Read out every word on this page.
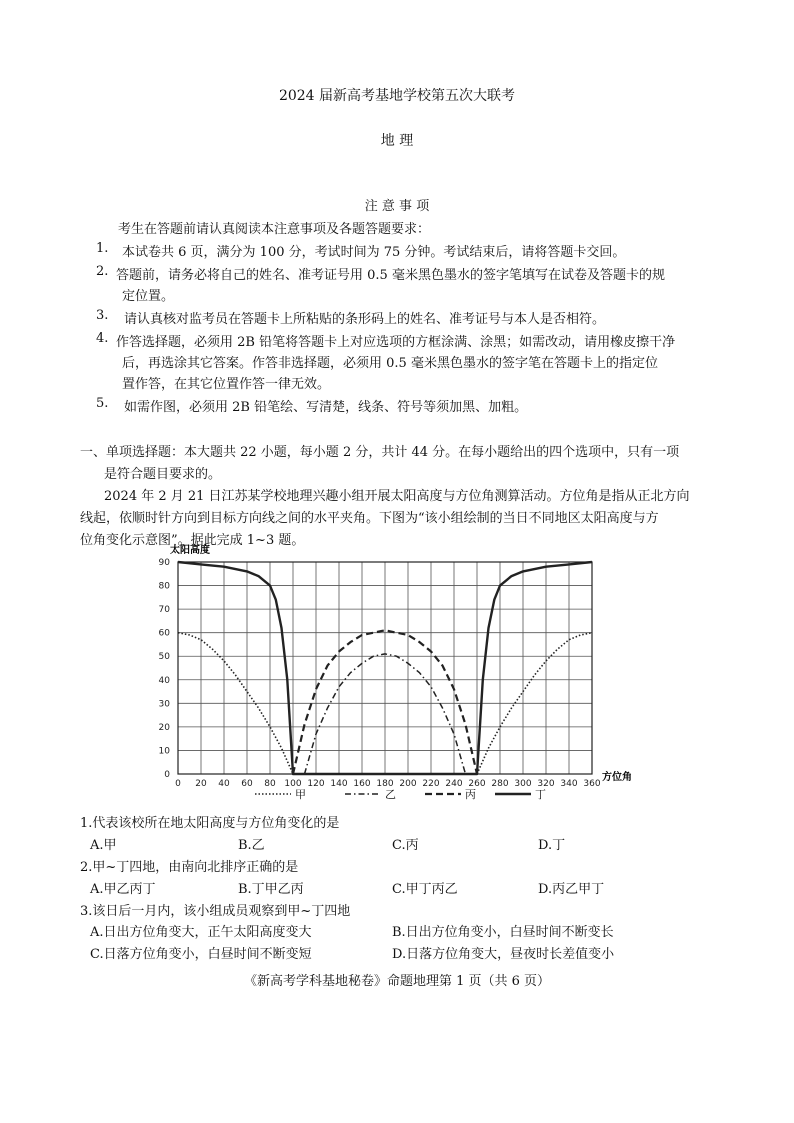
2024 届新高考基地学校第五次大联考
地 理
注 意 事 项
考生在答题前请认真阅读本注意事项及各题答题要求：
1. 本试卷共 6 页，满分为 100 分，考试时间为 75 分钟。考试结束后，请将答题卡交回。
2. 答题前，请务必将自己的姓名、准考证号用 0.5 毫米黑色墨水的签字笔填写在试卷及答题卡的规
定位置。
3. 请认真核对监考员在答题卡上所粘贴的条形码上的姓名、准考证号与本人是否相符。
4. 作答选择题，必须用 2B 铅笔将答题卡上对应选项的方框涂满、涂黑；如需改动，请用橡皮擦干净
后，再选涂其它答案。作答非选择题，必须用 0.5 毫米黑色墨水的签字笔在答题卡上的指定位
置作答，在其它位置作答一律无效。
5. 如需作图，必须用 2B 铅笔绘、写清楚，线条、符号等须加黑、加粗。
一、单项选择题：本大题共 22 小题，每小题 2 分，共计 44 分。在每小题给出的四个选项中，只有一项
是符合题目要求的。
2024 年 2 月 21 日江苏某学校地理兴趣小组开展太阳高度与方位角测算活动。方位角是指从正北方向
线起，依顺时针方向到目标方向线之间的水平夹角。下图为“该小组绘制的当日不同地区太阳高度与方
位角变化示意图”。据此完成 1~3 题。
太阳高度
方位角
0 20 40 60 80 100 120 140 160 180 200 220 240 260 280 300 320 340 360
0
10
20
30
40
50
60
70
80
90
甲	乙	丙	丁
1.代表该校所在地太阳高度与方位角变化的是
A.甲	B.乙	C.丙	D.丁
2.甲~丁四地，由南向北排序正确的是
A.甲乙丙丁	B.丁甲乙丙	C.甲丁丙乙	D.丙乙甲丁
3.该日后一月内，该小组成员观察到甲~丁四地
A.日出方位角变大，正午太阳高度变大	B.日出方位角变小，白昼时间不断变长
C.日落方位角变小，白昼时间不断变短	D.日落方位角变大，昼夜时长差值变小
《新高考学科基地秘卷》命题地理第 1 页（共 6 页）
